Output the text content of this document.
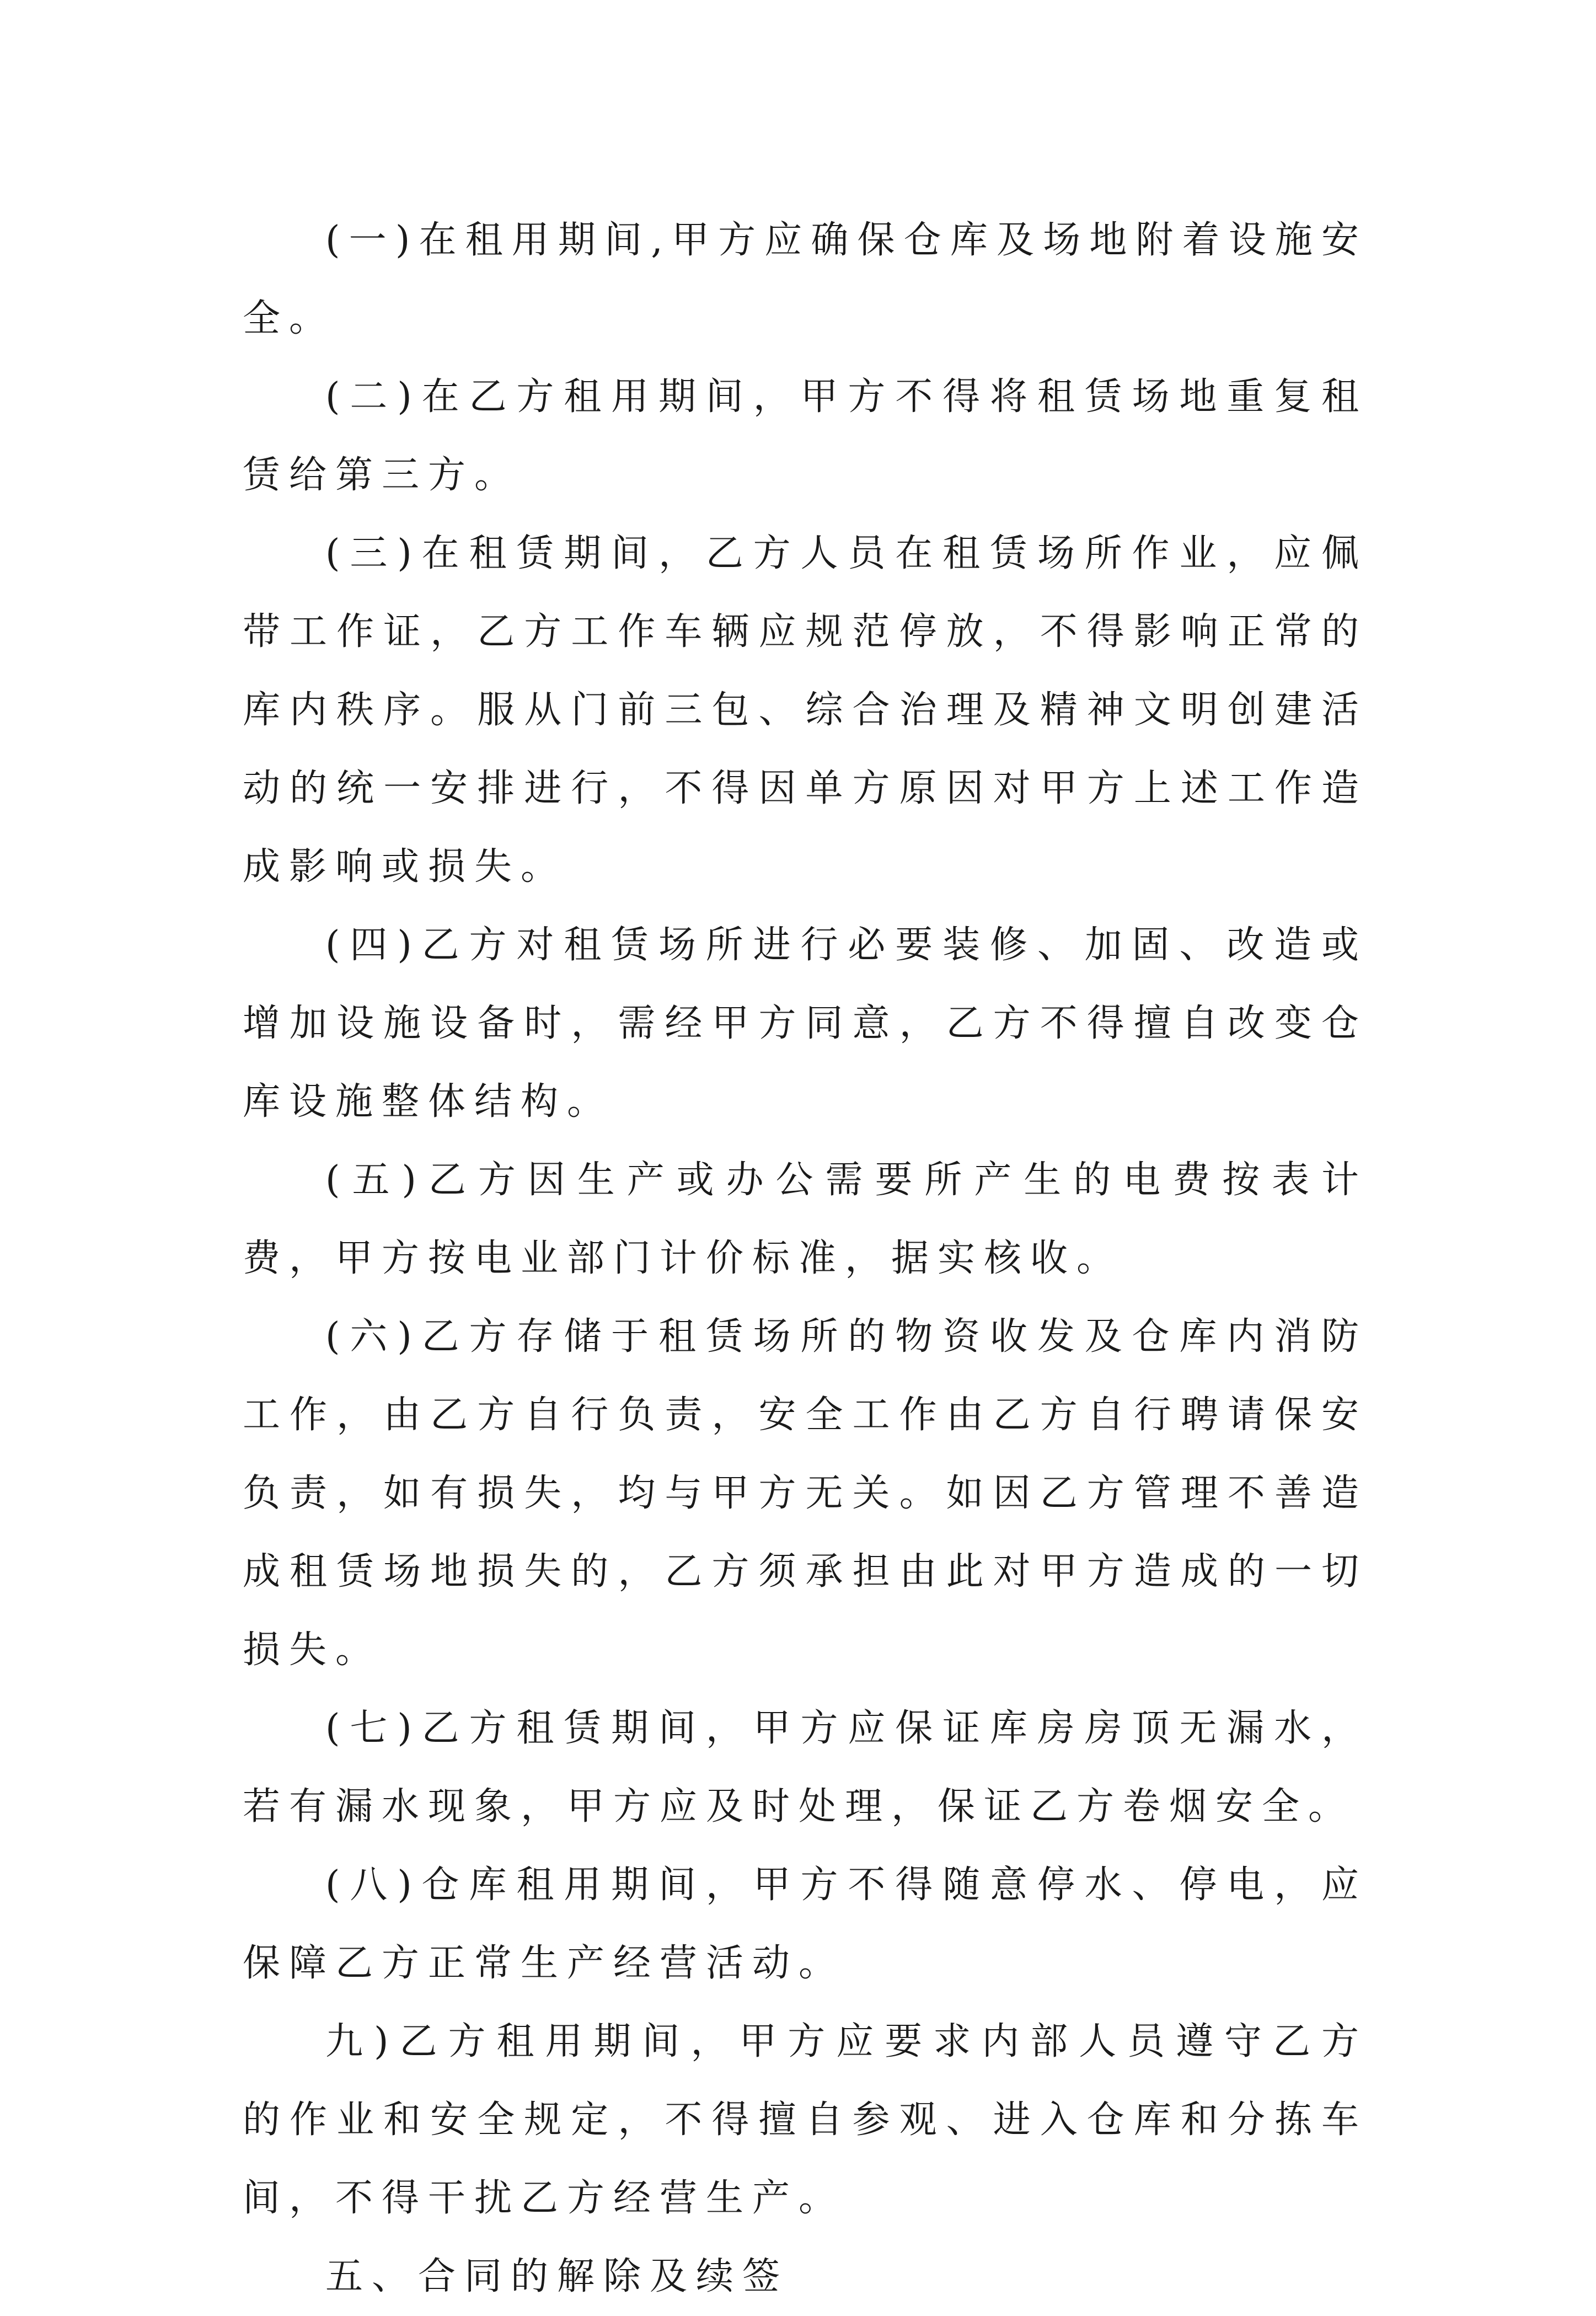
(一)在租用期间,甲方应确保仓库及场地附着设施安全。

(二)在乙方租用期间，甲方不得将租赁场地重复租赁给第三方。

(三)在租赁期间，乙方人员在租赁场所作业，应佩带工作证，乙方工作车辆应规范停放，不得影响正常的库内秩序。服从门前三包、综合治理及精神文明创建活动的统一安排进行，不得因单方原因对甲方上述工作造成影响或损失。

(四)乙方对租赁场所进行必要装修、加固、改造或增加设施设备时，需经甲方同意，乙方不得擅自改变仓库设施整体结构。

(五)乙方因生产或办公需要所产生的电费按表计费，甲方按电业部门计价标准，据实核收。

(六)乙方存储于租赁场所的物资收发及仓库内消防工作，由乙方自行负责，安全工作由乙方自行聘请保安负责，如有损失，均与甲方无关。如因乙方管理不善造成租赁场地损失的，乙方须承担由此对甲方造成的一切损失。

(七)乙方租赁期间，甲方应保证库房房顶无漏水，若有漏水现象，甲方应及时处理，保证乙方卷烟安全。

(八)仓库租用期间，甲方不得随意停水、停电，应保障乙方正常生产经营活动。

九)乙方租用期间，甲方应要求内部人员遵守乙方的作业和安全规定，不得擅自参观、进入仓库和分拣车间，不得干扰乙方经营生产。

五、合同的解除及续签
